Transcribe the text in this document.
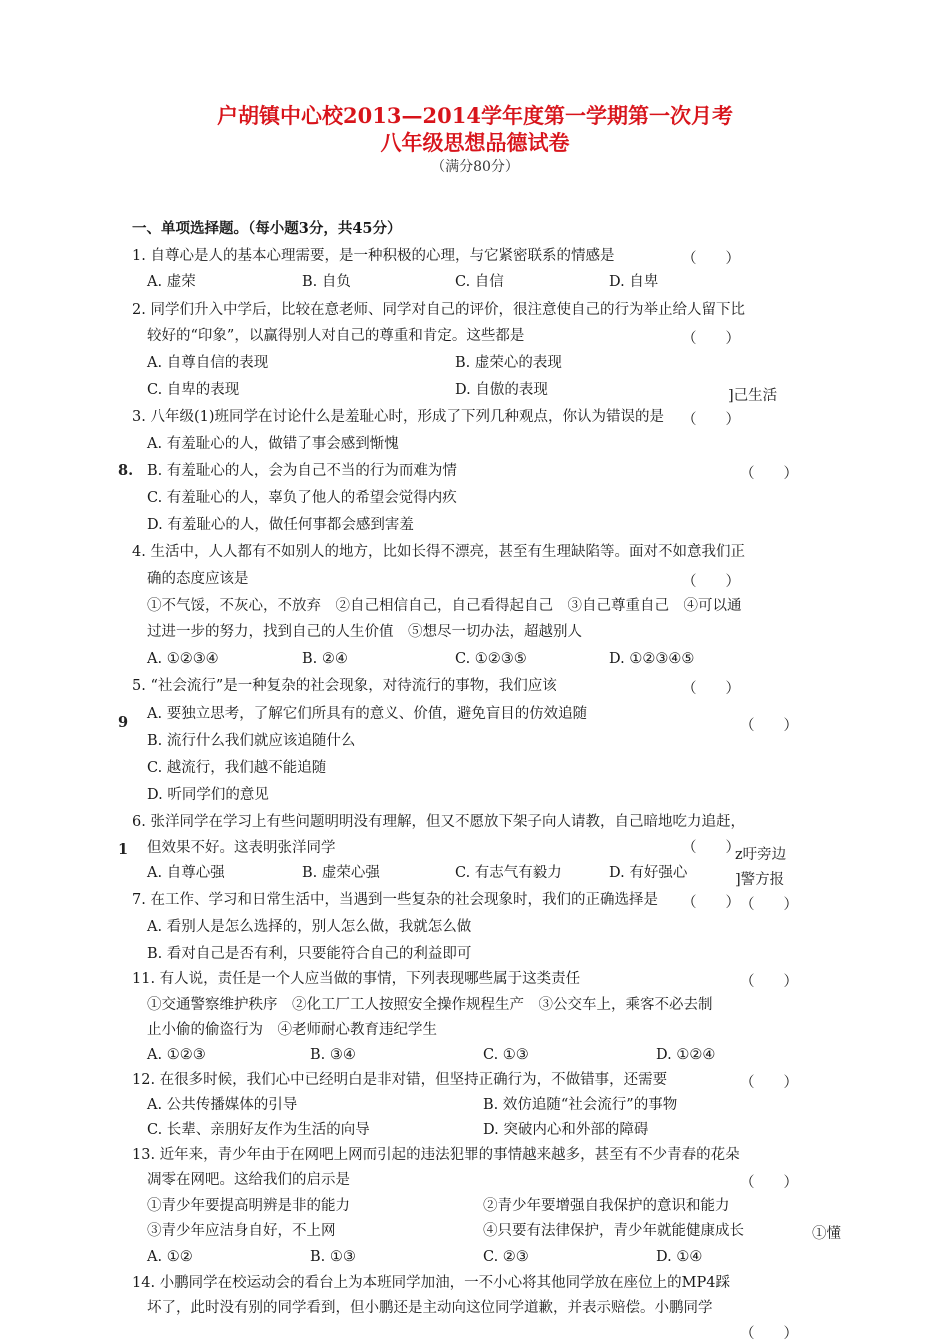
户胡镇中心校2013—2014学年度第一学期第一次月考
八年级思想品德试卷
（满分80分）
一、单项选择题。（每小题3分，共45分）
1. 自尊心是人的基本心理需要，是一种积极的心理，与它紧密联系的情感是	（　　）
A. 虚荣	B. 自负	C. 自信	D. 自卑
2. 同学们升入中学后，比较在意老师、同学对自己的评价，很注意使自己的行为举止给人留下比
较好的“印象”，以赢得别人对自己的尊重和肯定。这些都是	（　　）
A. 自尊自信的表现	B. 虚荣心的表现
C. 自卑的表现	D. 自傲的表现	]己生活
3. 八年级(1)班同学在讨论什么是羞耻心时，形成了下列几种观点，你认为错误的是 （　　）
A. 有羞耻心的人，做错了事会感到惭愧
8. B. 有羞耻心的人，会为自己不当的行为而难为情	（　　）
C. 有羞耻心的人，辜负了他人的希望会觉得内疚
D. 有羞耻心的人，做任何事都会感到害羞
4. 生活中，人人都有不如别人的地方，比如长得不漂亮，甚至有生理缺陷等。面对不如意我们正
确的态度应该是	（　　）
①不气馁，不灰心，不放弃　②自己相信自己，自己看得起自己　③自己尊重自己　④可以通
过进一步的努力，找到自己的人生价值　⑤想尽一切办法，超越别人
A. ①②③④	B. ②④	C. ①②③⑤	D. ①②③④⑤
5. “社会流行”是一种复杂的社会现象，对待流行的事物，我们应该	（　　）
9 A. 要独立思考，了解它们所具有的意义、价值，避免盲目的仿效追随
（　　）
B. 流行什么我们就应该追随什么
C. 越流行，我们越不能追随
D. 听同学们的意见
6. 张洋同学在学习上有些问题明明没有理解，但又不愿放下架子向人请教，自己暗地吃力追赶，
1 但效果不好。这表明张洋同学	（　　）
z吁旁边
A. 自尊心强	B. 虚荣心强	C. 有志气有毅力	D. 有好强心	]警方报
7. 在工作、学习和日常生活中，当遇到一些复杂的社会现象时，我们的正确选择是 （　　） （　　）
A. 看别人是怎么选择的，别人怎么做，我就怎么做
B. 看对自己是否有利，只要能符合自己的利益即可
11. 有人说，责任是一个人应当做的事情，下列表现哪些属于这类责任	（　　）
①交通警察维护秩序　②化工厂工人按照安全操作规程生产　③公交车上，乘客不必去制
止小偷的偷盗行为　④老师耐心教育违纪学生
A. ①②③	B. ③④	C. ①③	D. ①②④
12. 在很多时候，我们心中已经明白是非对错，但坚持正确行为，不做错事，还需要	（　　）
A. 公共传播媒体的引导	B. 效仿追随“社会流行”的事物
C. 长辈、亲朋好友作为生活的向导	D. 突破内心和外部的障碍
13. 近年来，青少年由于在网吧上网而引起的违法犯罪的事情越来越多，甚至有不少青春的花朵
凋零在网吧。这给我们的启示是	（　　）
①青少年要提高明辨是非的能力	②青少年要增强自我保护的意识和能力
③青少年应洁身自好，不上网	④只要有法律保护，青少年就能健康成长	①懂
A. ①②	B. ①③	C. ②③	D. ①④
14. 小鹏同学在校运动会的看台上为本班同学加油，一不小心将其他同学放在座位上的MP4踩
坏了，此时没有别的同学看到，但小鹏还是主动向这位同学道歉，并表示赔偿。小鹏同学
（　　）
